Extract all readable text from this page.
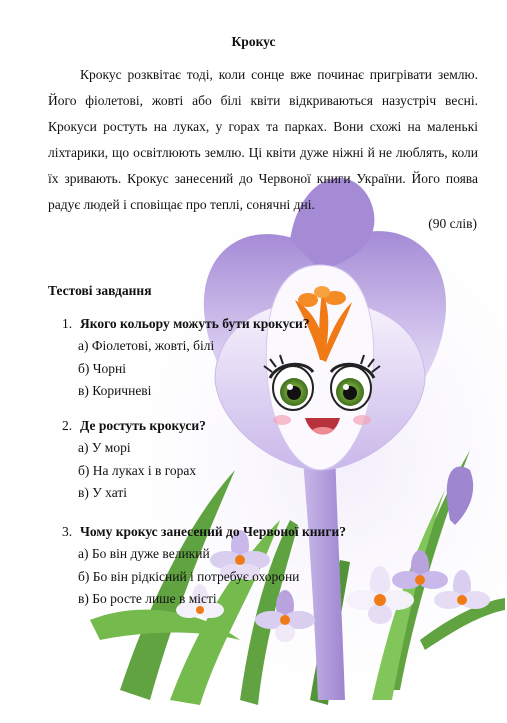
Крокус

Крокус розквітає тоді, коли сонце вже починає пригрівати землю. Його фіолетові, жовті або білі квіти відкриваються назустріч весні. Крокуси ростуть на луках, у горах та парках. Вони схожі на маленькі ліхтарики, що освітлюють землю. Ці квіти дуже ніжні й не люблять, коли їх зривають. Крокус занесений до Червоної книги України. Його поява радує людей і сповіщає про теплі, сонячні дні.

(90 слів)
Тестові завдання
1. Якого кольору можуть бути крокуси?
а) Фіолетові, жовті, білі
б) Чорні
в) Коричневі
2. Де ростуть крокуси?
а) У морі
б) На луках і в горах
в) У хаті
3. Чому крокус занесений до Червоної книги?
а) Бо він дуже великий
б) Бо він рідкісний і потребує охорони
в) Бо росте лише в місті
